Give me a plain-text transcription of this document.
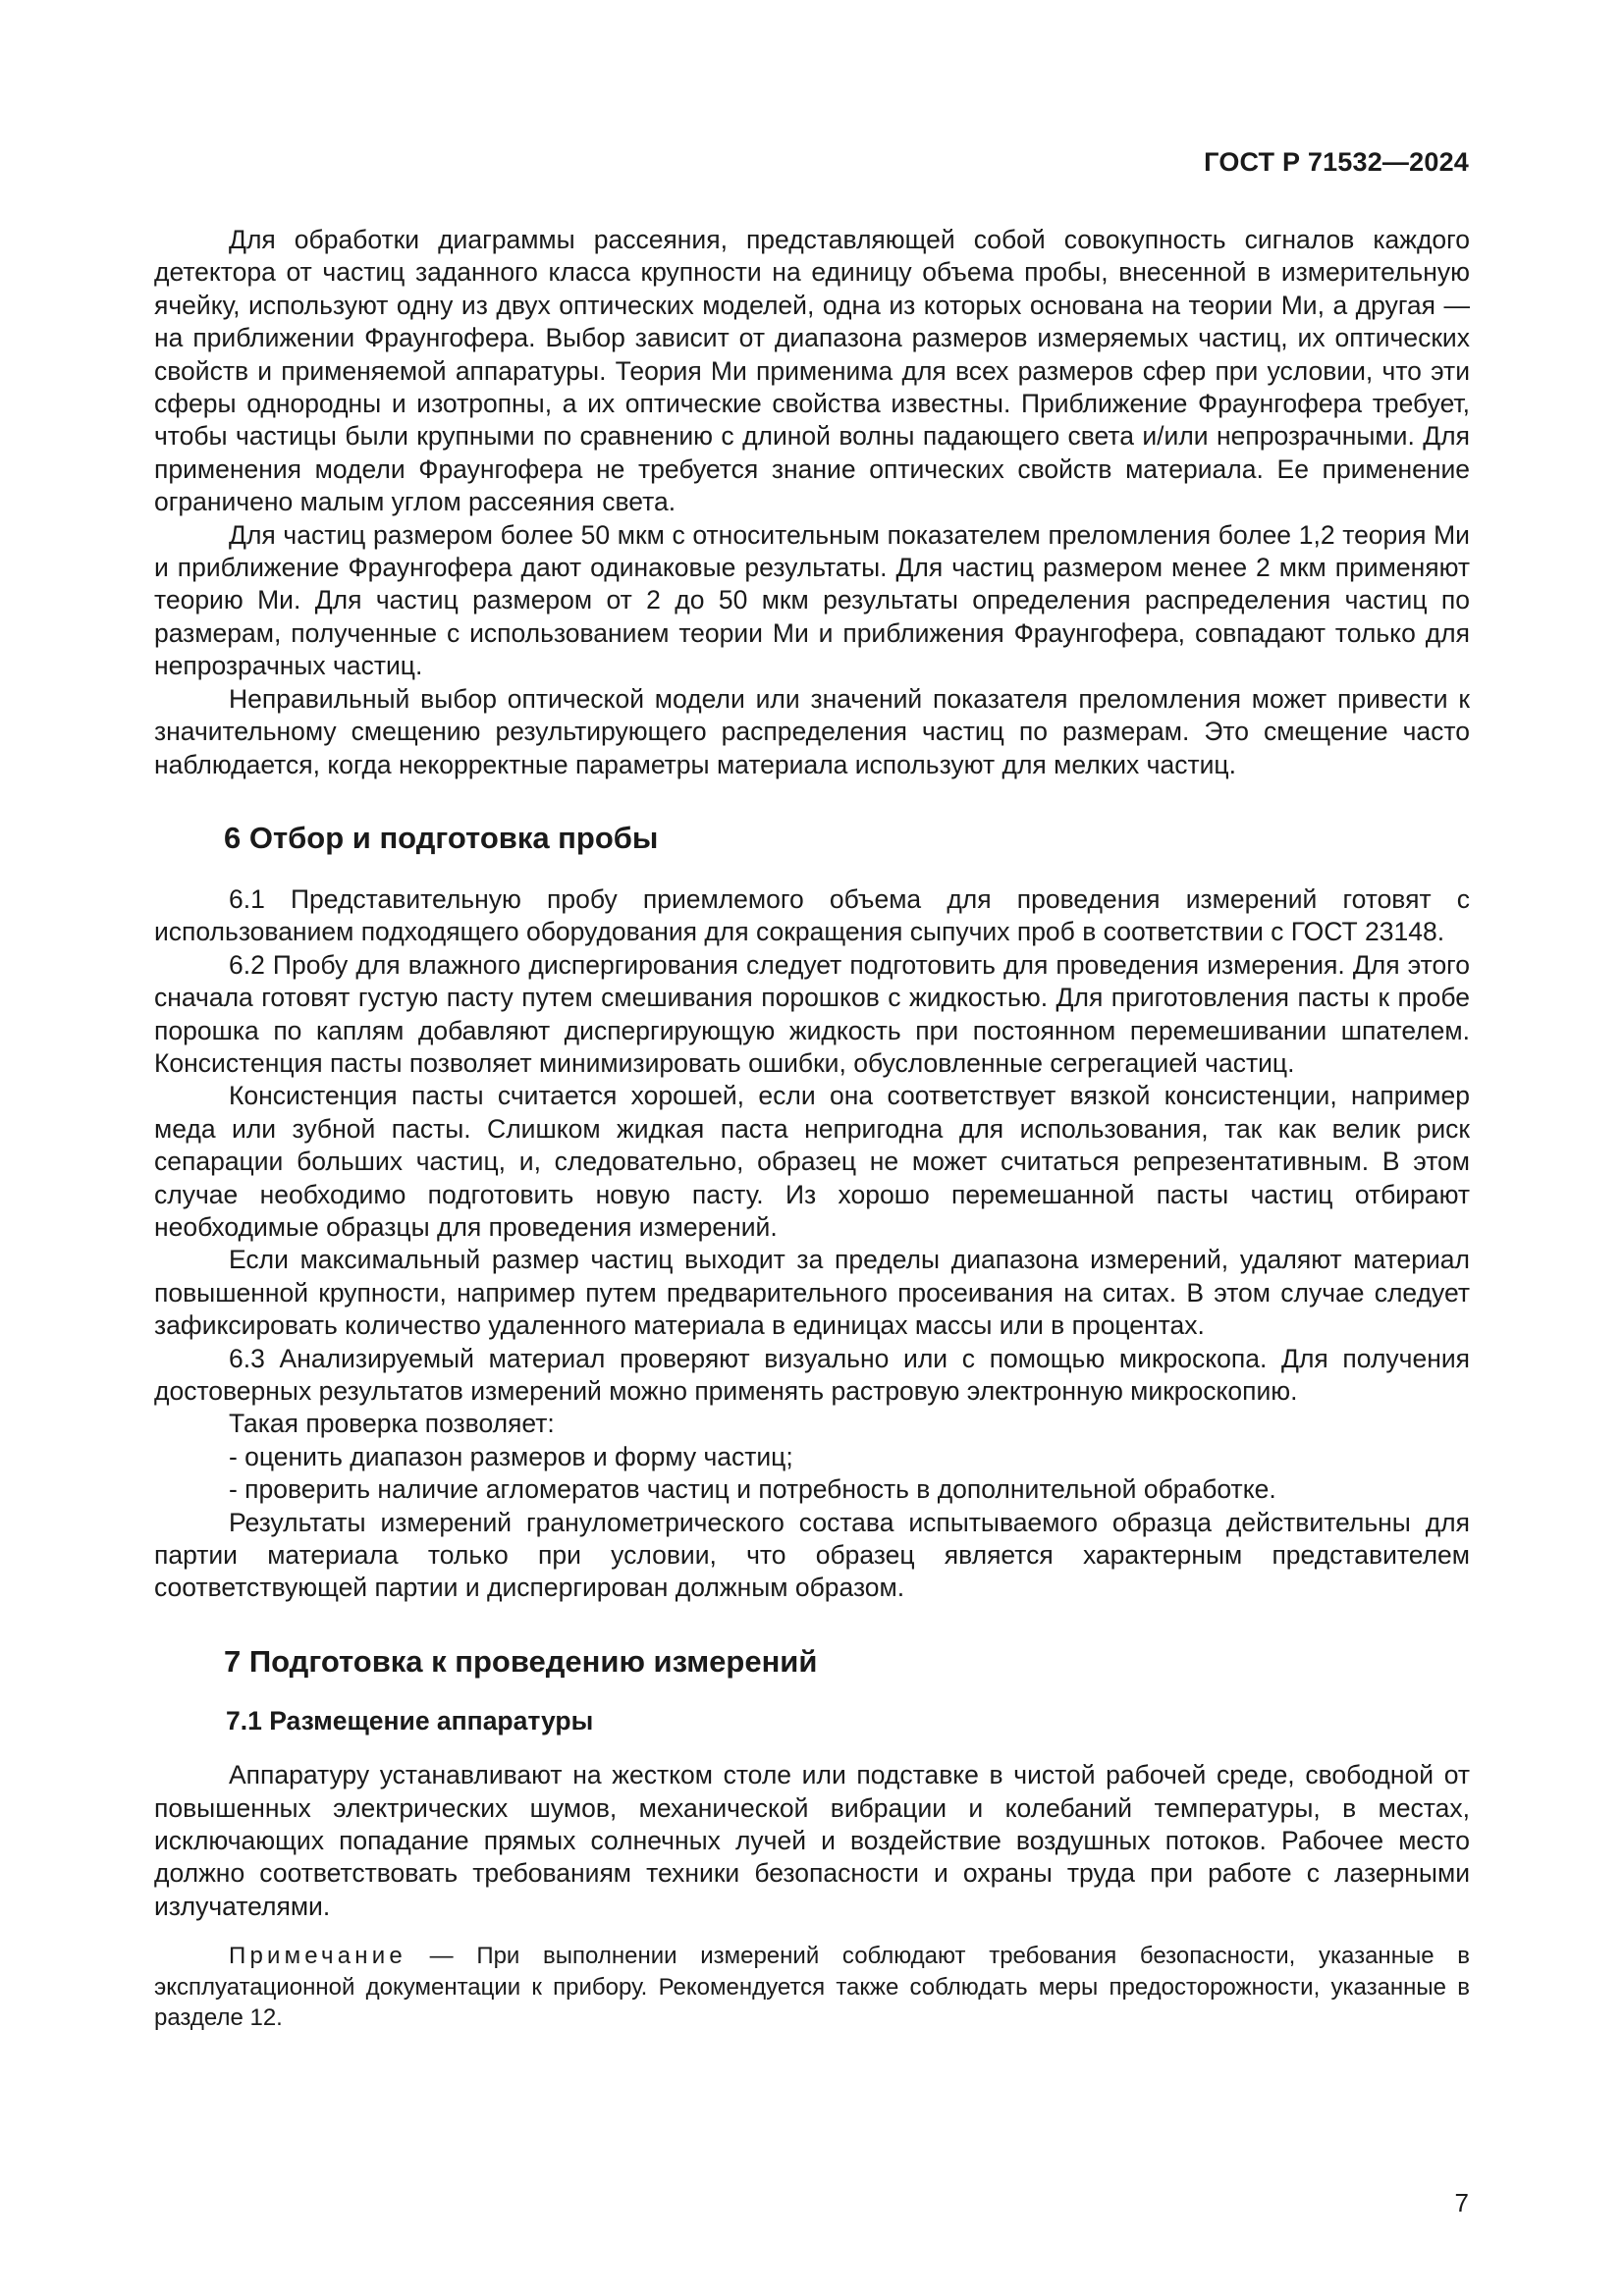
ГОСТ Р 71532—2024

Для обработки диаграммы рассеяния, представляющей собой совокупность сигналов каждого детектора от частиц заданного класса крупности на единицу объема пробы, внесенной в измерительную ячейку, используют одну из двух оптических моделей, одна из которых основана на теории Ми, а другая — на приближении Фраунгофера. Выбор зависит от диапазона размеров измеряемых частиц, их оптических свойств и применяемой аппаратуры. Теория Ми применима для всех размеров сфер при условии, что эти сферы однородны и изотропны, а их оптические свойства известны. Приближение Фраунгофера требует, чтобы частицы были крупными по сравнению с длиной волны падающего света и/или непрозрачными. Для применения модели Фраунгофера не требуется знание оптических свойств материала. Ее применение ограничено малым углом рассеяния света.

Для частиц размером более 50 мкм с относительным показателем преломления более 1,2 теория Ми и приближение Фраунгофера дают одинаковые результаты. Для частиц размером менее 2 мкм применяют теорию Ми. Для частиц размером от 2 до 50 мкм результаты определения распределения частиц по размерам, полученные с использованием теории Ми и приближения Фраунгофера, совпадают только для непрозрачных частиц.

Неправильный выбор оптической модели или значений показателя преломления может привести к значительному смещению результирующего распределения частиц по размерам. Это смещение часто наблюдается, когда некорректные параметры материала используют для мелких частиц.

6 Отбор и подготовка пробы

6.1 Представительную пробу приемлемого объема для проведения измерений готовят с использованием подходящего оборудования для сокращения сыпучих проб в соответствии с ГОСТ 23148.

6.2 Пробу для влажного диспергирования следует подготовить для проведения измерения. Для этого сначала готовят густую пасту путем смешивания порошков с жидкостью. Для приготовления пасты к пробе порошка по каплям добавляют диспергирующую жидкость при постоянном перемешивании шпателем. Консистенция пасты позволяет минимизировать ошибки, обусловленные сегрегацией частиц.

Консистенция пасты считается хорошей, если она соответствует вязкой консистенции, например меда или зубной пасты. Слишком жидкая паста непригодна для использования, так как велик риск сепарации больших частиц, и, следовательно, образец не может считаться репрезентативным. В этом случае необходимо подготовить новую пасту. Из хорошо перемешанной пасты частиц отбирают необходимые образцы для проведения измерений.

Если максимальный размер частиц выходит за пределы диапазона измерений, удаляют материал повышенной крупности, например путем предварительного просеивания на ситах. В этом случае следует зафиксировать количество удаленного материала в единицах массы или в процентах.

6.3 Анализируемый материал проверяют визуально или с помощью микроскопа. Для получения достоверных результатов измерений можно применять растровую электронную микроскопию.

Такая проверка позволяет:

- оценить диапазон размеров и форму частиц;

- проверить наличие агломератов частиц и потребность в дополнительной обработке.

Результаты измерений гранулометрического состава испытываемого образца действительны для партии материала только при условии, что образец является характерным представителем соответствующей партии и диспергирован должным образом.

7 Подготовка к проведению измерений
7.1 Размещение аппаратуры

Аппаратуру устанавливают на жестком столе или подставке в чистой рабочей среде, свободной от повышенных электрических шумов, механической вибрации и колебаний температуры, в местах, исключающих попадание прямых солнечных лучей и воздействие воздушных потоков. Рабочее место должно соответствовать требованиям техники безопасности и охраны труда при работе с лазерными излучателями.

Примечание — При выполнении измерений соблюдают требования безопасности, указанные в эксплуатационной документации к прибору. Рекомендуется также соблюдать меры предосторожности, указанные в разделе 12.

7
